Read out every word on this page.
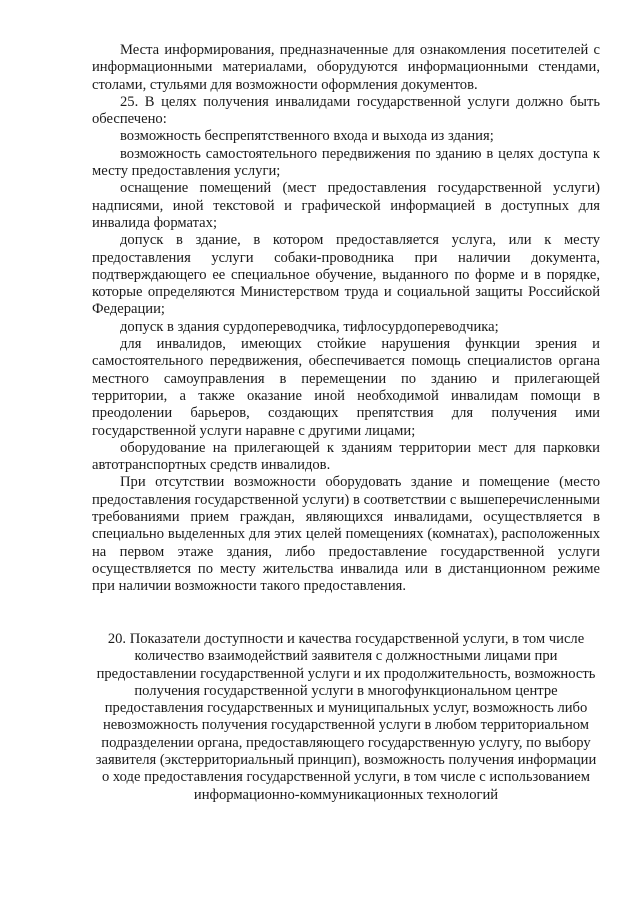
Места информирования, предназначенные для ознакомления посетителей с информационными материалами, оборудуются информационными стендами, столами, стульями для возможности оформления документов.

25. В целях получения инвалидами государственной услуги должно быть обеспечено:

возможность беспрепятственного входа и выхода из здания;

возможность самостоятельного передвижения по зданию в целях доступа к месту предоставления услуги;

оснащение помещений (мест предоставления государственной услуги) надписями, иной текстовой и графической информацией в доступных для инвалида форматах;

допуск в здание, в котором предоставляется услуга, или к месту предоставления услуги собаки-проводника при наличии документа, подтверждающего ее специальное обучение, выданного по форме и в порядке, которые определяются Министерством труда и социальной защиты Российской Федерации;

допуск в здания сурдопереводчика, тифлосурдопереводчика;

для инвалидов, имеющих стойкие нарушения функции зрения и самостоятельного передвижения, обеспечивается помощь специалистов органа местного самоуправления в перемещении по зданию и прилегающей территории, а также оказание иной необходимой инвалидам помощи в преодолении барьеров, создающих препятствия для получения ими государственной услуги наравне с другими лицами;

оборудование на прилегающей к зданиям территории мест для парковки автотранспортных средств инвалидов.

При отсутствии возможности оборудовать здание и помещение (место предоставления государственной услуги) в соответствии с вышеперечисленными требованиями прием граждан, являющихся инвалидами, осуществляется в специально выделенных для этих целей помещениях (комнатах), расположенных на первом этаже здания, либо предоставление государственной услуги осуществляется по месту жительства инвалида или в дистанционном режиме при наличии возможности такого предоставления.

20. Показатели доступности и качества государственной услуги, в том числе количество взаимодействий заявителя с должностными лицами при предоставлении государственной услуги и их продолжительность, возможность получения государственной услуги в многофункциональном центре предоставления государственных и муниципальных услуг, возможность либо невозможность получения государственной услуги в любом территориальном подразделении органа, предоставляющего государственную услугу, по выбору заявителя (экстерриториальный принцип), возможность получения информации о ходе предоставления государственной услуги, в том числе с использованием информационно-коммуникационных технологий
